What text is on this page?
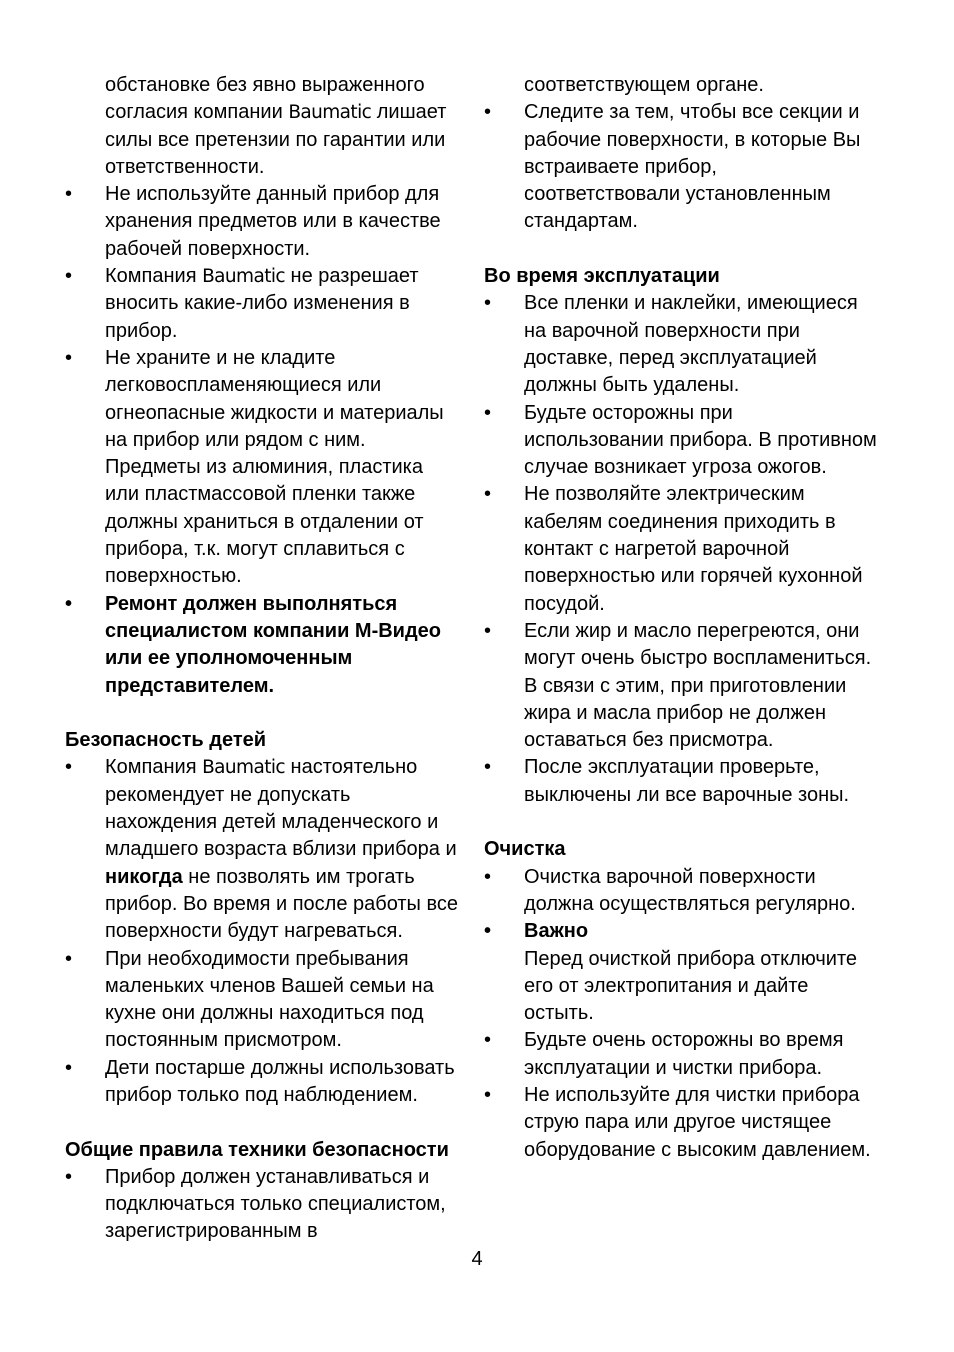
обстановке без явно выраженного
согласия компании Baumatic лишает
силы все претензии по гарантии или
ответственности.
• Не используйте данный прибор для
хранения предметов или в качестве
рабочей поверхности.
• Компания Baumatic не разрешает
вносить какие-либо изменения в
прибор.
• Не храните и не кладите
легковоспламеняющиеся или
огнеопасные жидкости и материалы
на прибор или рядом с ним.
Предметы из алюминия, пластика
или пластмассовой пленки также
должны храниться в отдалении от
прибора, т.к. могут сплавиться с
поверхностью.
• Ремонт должен выполняться
специалистом компании М-Видео
или ее уполномоченным
представителем.
Безопасность детей
• Компания Baumatic настоятельно
рекомендует не допускать
нахождения детей младенческого и
младшего возраста вблизи прибора и
никогда не позволять им трогать
прибор. Во время и после работы все
поверхности будут нагреваться.
• При необходимости пребывания
маленьких членов Вашей семьи на
кухне они должны находиться под
постоянным присмотром.
• Дети постарше должны использовать
прибор только под наблюдением.
Общие правила техники безопасности
• Прибор должен устанавливаться и
подключаться только специалистом,
зарегистрированным в
соответствующем органе.
• Следите за тем, чтобы все секции и
рабочие поверхности, в которые Вы
встраиваете прибор,
соответствовали установленным
стандартам.
Во время эксплуатации
• Все пленки и наклейки, имеющиеся
на варочной поверхности при
доставке, перед эксплуатацией
должны быть удалены.
• Будьте осторожны при
использовании прибора. В противном
случае возникает угроза ожогов.
• Не позволяйте электрическим
кабелям соединения приходить в
контакт с нагретой варочной
поверхностью или горячей кухонной
посудой.
• Если жир и масло перегреются, они
могут очень быстро воспламениться.
В связи с этим, при приготовлении
жира и масла прибор не должен
оставаться без присмотра.
• После эксплуатации проверьте,
выключены ли все варочные зоны.
Очистка
• Очистка варочной поверхности
должна осуществляться регулярно.
• Важно
Перед очисткой прибора отключите
его от электропитания и дайте
остыть.
• Будьте очень осторожны во время
эксплуатации и чистки прибора.
• Не используйте для чистки прибора
струю пара или другое чистящее
оборудование с высоким давлением.
4
